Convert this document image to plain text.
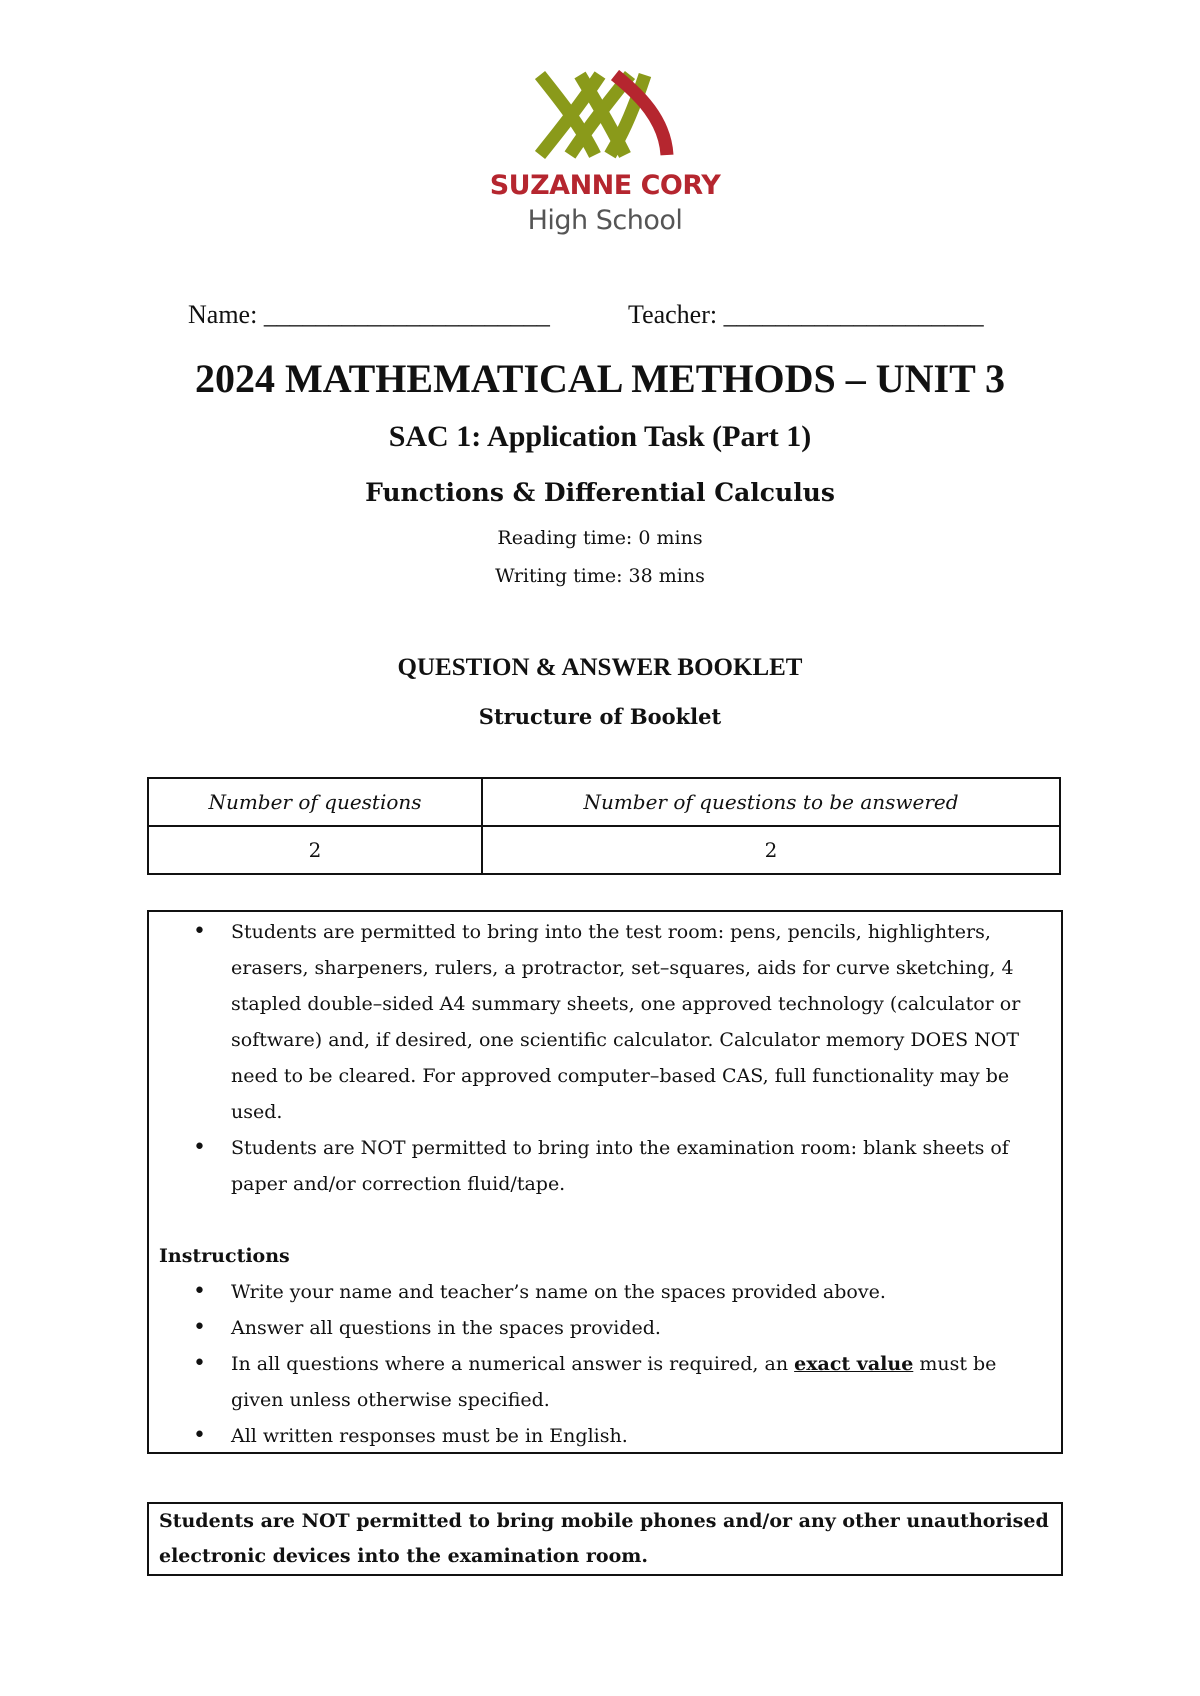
SUZANNE CORY
High School
Name: ______________________	Teacher: ____________________
2024 MATHEMATICAL METHODS – UNIT 3
SAC 1: Application Task (Part 1)
Functions & Differential Calculus
Reading time: 0 mins
Writing time: 38 mins
QUESTION & ANSWER BOOKLET
Structure of Booklet
Number of questions	Number of questions to be answered
2	2
• Students are permitted to bring into the test room: pens, pencils, highlighters, erasers, sharpeners, rulers, a protractor, set–squares, aids for curve sketching, 4 stapled double–sided A4 summary sheets, one approved technology (calculator or software) and, if desired, one scientific calculator. Calculator memory DOES NOT need to be cleared. For approved computer–based CAS, full functionality may be used.
• Students are NOT permitted to bring into the examination room: blank sheets of paper and/or correction fluid/tape.
Instructions
• Write your name and teacher’s name on the spaces provided above.
• Answer all questions in the spaces provided.
• In all questions where a numerical answer is required, an exact value must be given unless otherwise specified.
• All written responses must be in English.
Students are NOT permitted to bring mobile phones and/or any other unauthorised electronic devices into the examination room.
